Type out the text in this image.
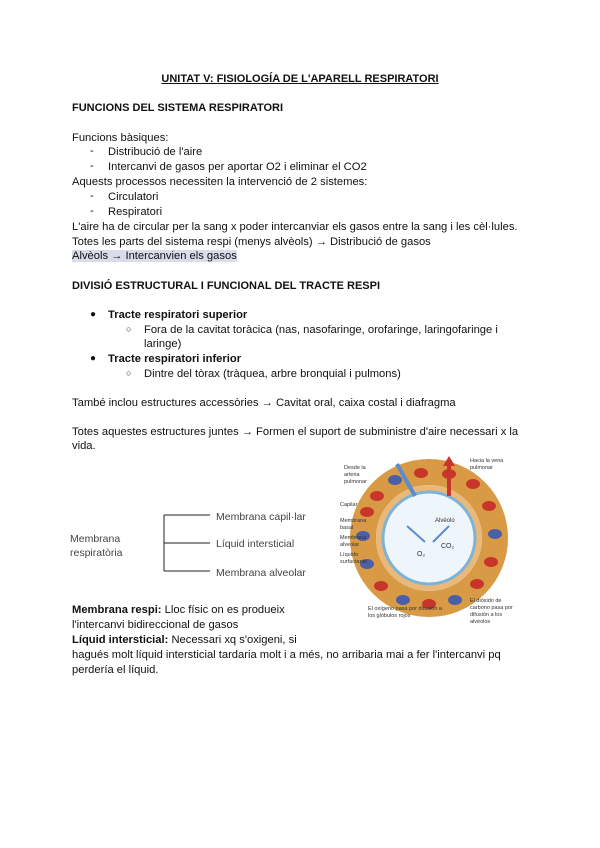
UNITAT V: FISIOLOGÍA DE L'APARELL RESPIRATORI
FUNCIONS DEL SISTEMA RESPIRATORI
Funcions bàsiques:
- Distribució de l'aire
- Intercanvi de gasos per aportar O2 i eliminar el CO2
Aquests processos necessiten la intervenció de 2 sistemes:
- Circulatori
- Respiratori
L'aire ha de circular per la sang x poder intercanviar els gasos entre la sang i les cèl·lules.
Totes les parts del sistema respi (menys alvèols) → Distribució de gasos
Alvèols → Intercanvien els gasos
DIVISIÓ ESTRUCTURAL I FUNCIONAL DEL TRACTE RESPI
● Tracte respiratori superior
○ Fora de la cavitat toràcica (nas, nasofaringe, orofaringe, laringofaringe i
laringe)
● Tracte respiratori inferior
○ Dintre del tòrax (tràquea, arbre bronquial i pulmons)
També inclou estructures accessòries → Cavitat oral, caixa costal i diafragma
Totes aquestes estructures juntes → Formen el suport de subministre d'aire necessari x la
vida.
Membrana
respiratòria
Membrana capil·lar
Líquid intersticial
Membrana alveolar
Alvéolo
O₂
CO₂
Desde la arteria pulmonar
Hacia la vena pulmonar
Capilar
Membrana basal
Membrana alveolar
Líquido surfactante
El oxígeno pasa por difusión a los glóbulos rojos
El dióxido de carbono pasa por difusión a los alvéolos
Membrana respi: Lloc físic on es produeix
l'intercanvi bidireccional de gasos
Líquid intersticial: Necessari xq s'oxigeni, si
hagués molt líquid intersticial tardaria molt i a més, no arribaria mai a fer l'intercanvi pq
perdería el líquid.
